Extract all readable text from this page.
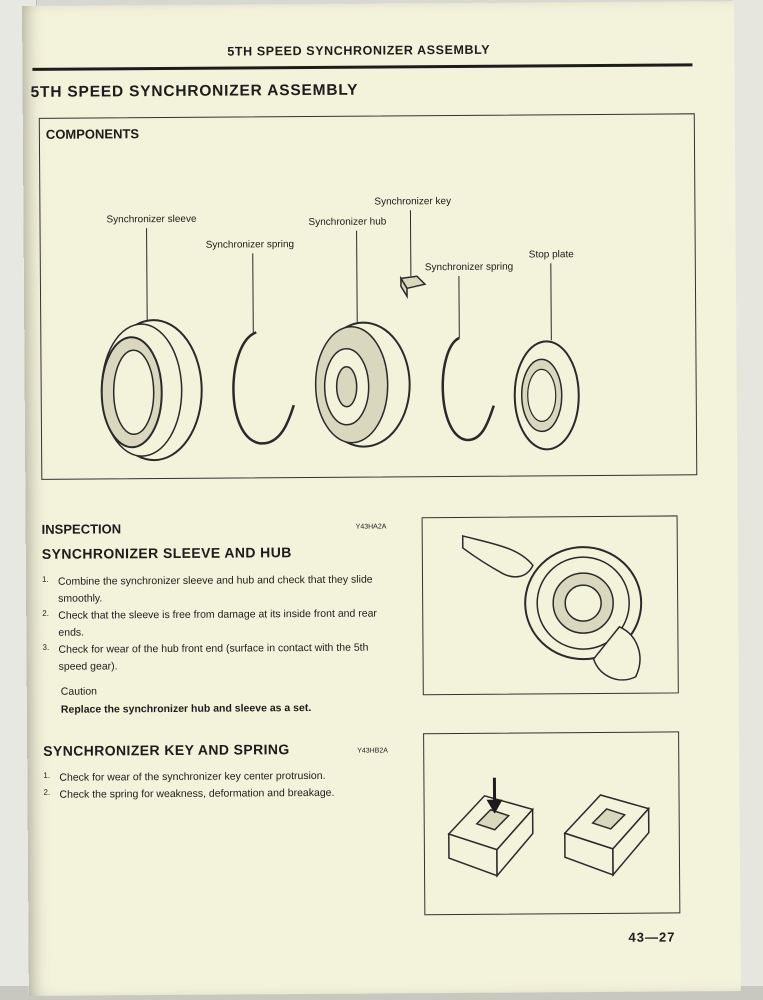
5TH SPEED SYNCHRONIZER ASSEMBLY
5TH SPEED SYNCHRONIZER ASSEMBLY
COMPONENTS
Synchronizer sleeve
Synchronizer spring
Synchronizer hub
Synchronizer key
Synchronizer spring
Stop plate
INSPECTION	Y43HA2A
SYNCHRONIZER SLEEVE AND HUB
1. Combine the synchronizer sleeve and hub and check that they slide smoothly.
2. Check that the sleeve is free from damage at its inside front and rear ends.
3. Check for wear of the hub front end (surface in contact with the 5th speed gear).
Caution
Replace the synchronizer hub and sleeve as a set.
SYNCHRONIZER KEY AND SPRING	Y43HB2A
1. Check for wear of the synchronizer key center protrusion.
2. Check the spring for weakness, deformation and breakage.
43—27
